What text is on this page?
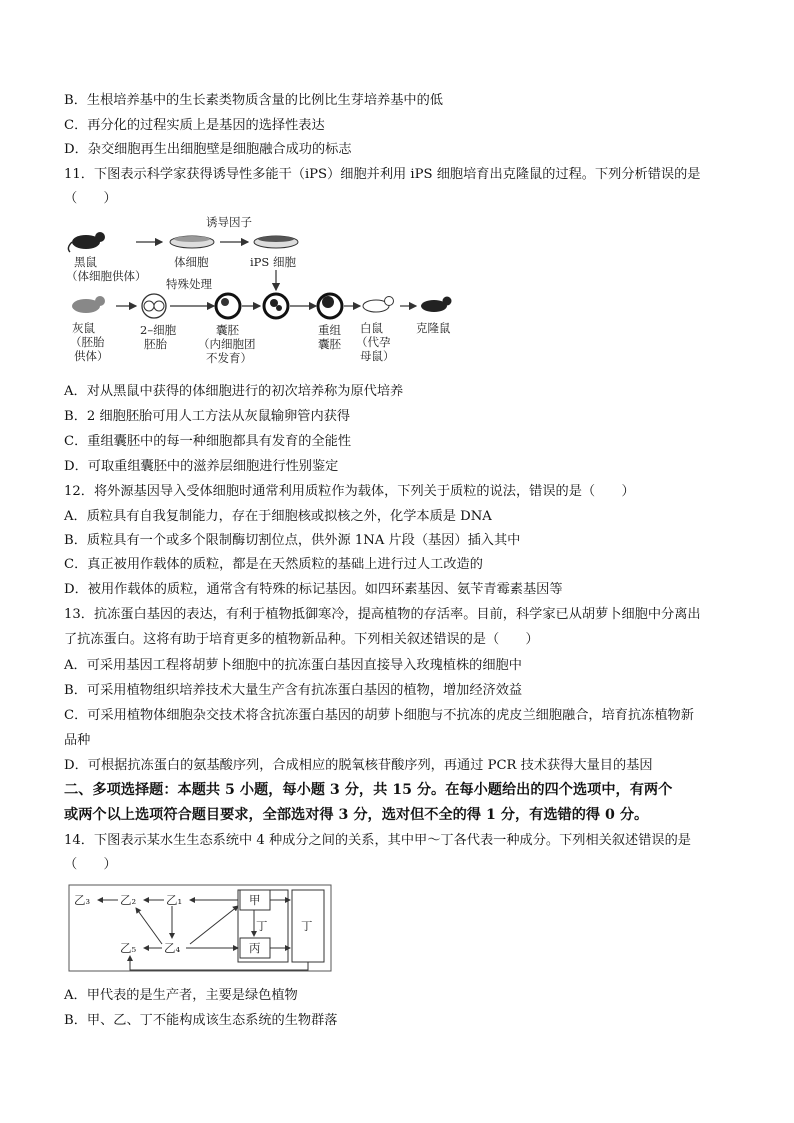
B．生根培养基中的生长素类物质含量的比例比生芽培养基中的低
C．再分化的过程实质上是基因的选择性表达
D．杂交细胞再生出细胞壁是细胞融合成功的标志
11．下图表示科学家获得诱导性多能干（iPS）细胞并利用 iPS 细胞培育出克隆鼠的过程。下列分析错误的是
（　　）
黑鼠
（体细胞供体）
体细胞
诱导因子
iPS 细胞
灰鼠
（胚胎
供体）
2–细胞
胚胎
特殊处理
囊胚
（内细胞团
不发育）
重组
囊胚
白鼠
（代孕
母鼠）
克隆鼠
A．对从黑鼠中获得的体细胞进行的初次培养称为原代培养
B．2 细胞胚胎可用人工方法从灰鼠输卵管内获得
C．重组囊胚中的每一种细胞都具有发育的全能性
D．可取重组囊胚中的滋养层细胞进行性别鉴定
12．将外源基因导入受体细胞时通常利用质粒作为载体，下列关于质粒的说法，错误的是（　　）
A．质粒具有自我复制能力，存在于细胞核或拟核之外，化学本质是 DNA
B．质粒具有一个或多个限制酶切割位点，供外源 1NA 片段（基因）插入其中
C．真正被用作载体的质粒，都是在天然质粒的基础上进行过人工改造的
D．被用作载体的质粒，通常含有特殊的标记基因。如四环素基因、氨苄青霉素基因等
13．抗冻蛋白基因的表达，有利于植物抵御寒冷，提高植物的存活率。目前，科学家已从胡萝卜细胞中分离出
了抗冻蛋白。这将有助于培育更多的植物新品种。下列相关叙述错误的是（　　）
A．可采用基因工程将胡萝卜细胞中的抗冻蛋白基因直接导入玫瑰植株的细胞中
B．可采用植物组织培养技术大量生产含有抗冻蛋白基因的植物，增加经济效益
C．可采用植物体细胞杂交技术将含抗冻蛋白基因的胡萝卜细胞与不抗冻的虎皮兰细胞融合，培育抗冻植物新
品种
D．可根据抗冻蛋白的氨基酸序列，合成相应的脱氧核苷酸序列，再通过 PCR 技术获得大量目的基因
二、多项选择题：本题共 5 小题，每小题 3 分，共 15 分。在每小题给出的四个选项中，有两个
或两个以上选项符合题目要求，全部选对得 3 分，选对但不全的得 1 分，有选错的得 0 分。
14．下图表示某水生生态系统中 4 种成分之间的关系，其中甲～丁各代表一种成分。下列相关叙述错误的是
（　　）
丁
甲
丙
丁
乙₃	乙₂	乙₁
乙₅ 乙₄
A．甲代表的是生产者，主要是绿色植物
B．甲、乙、丁不能构成该生态系统的生物群落
